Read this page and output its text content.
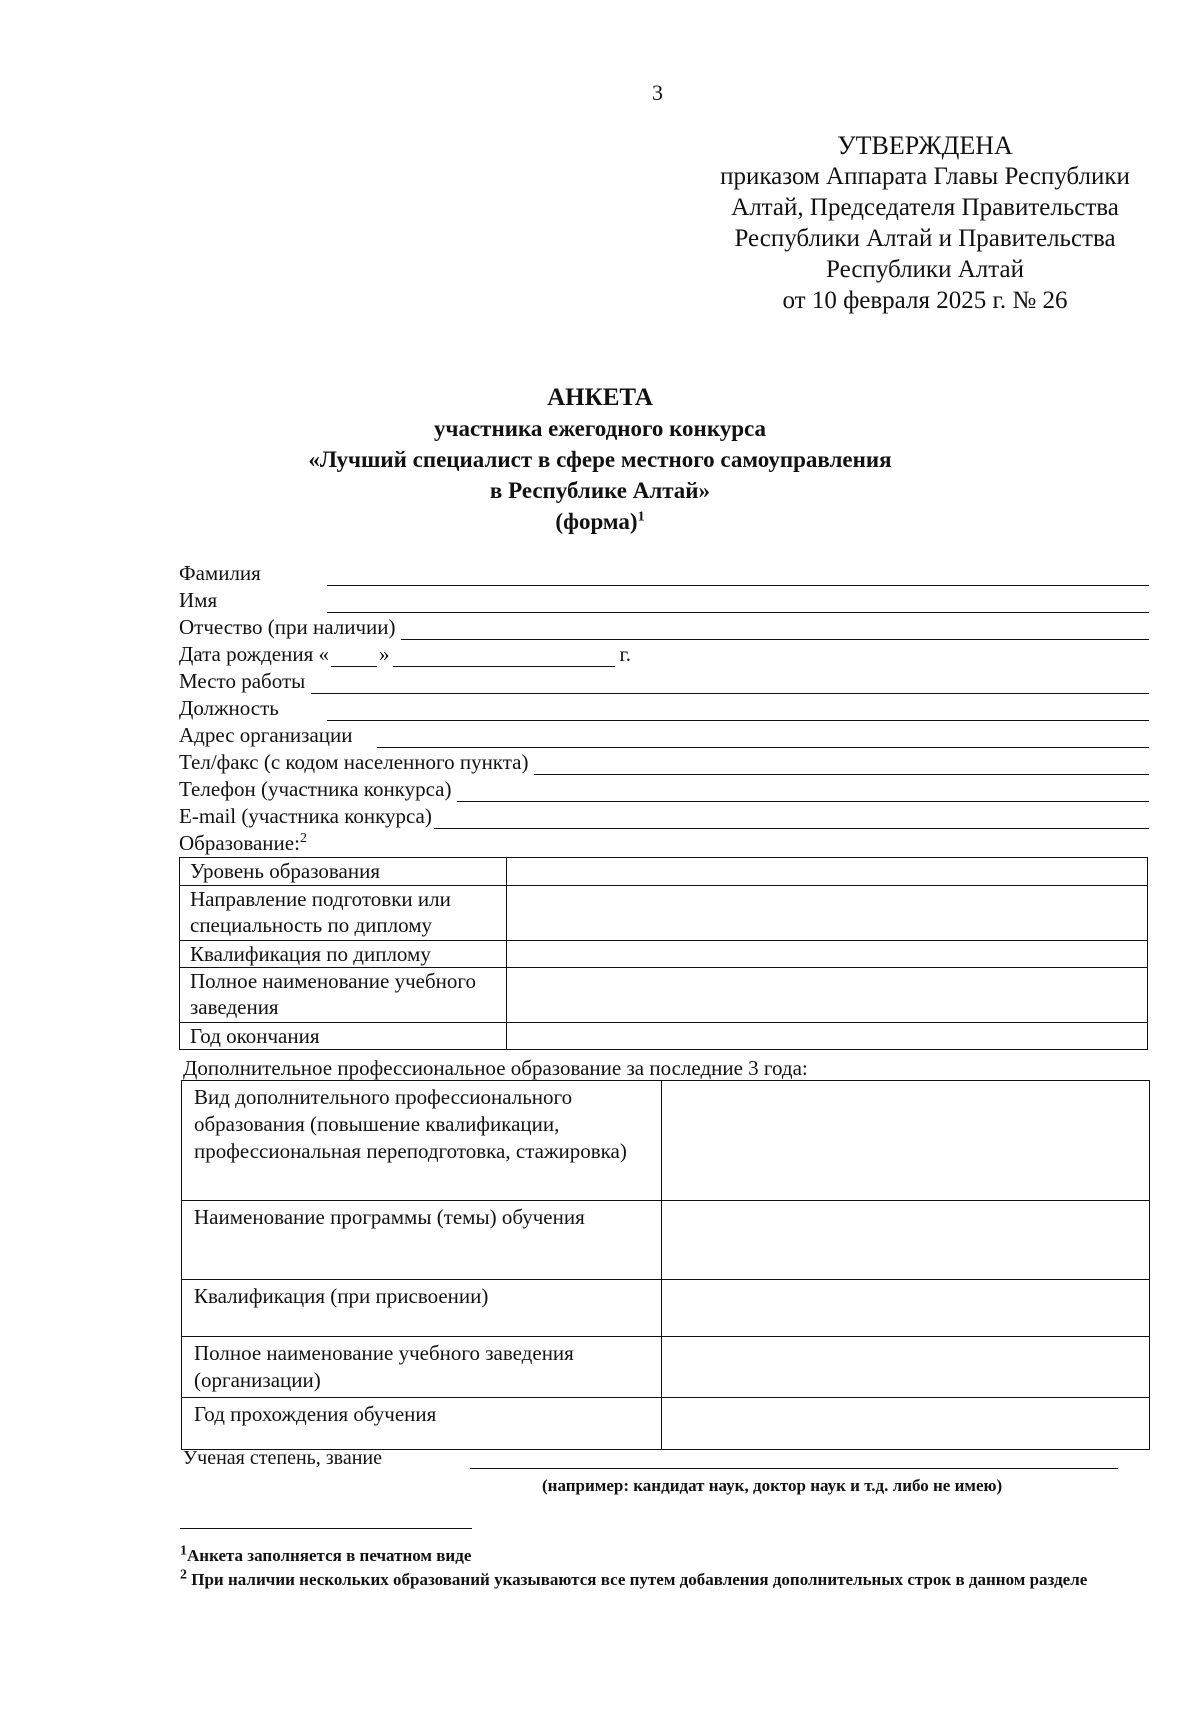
3
УТВЕРЖДЕНА
приказом Аппарата Главы Республики
Алтай, Председателя Правительства
Республики Алтай и Правительства
Республики Алтай
от 10 февраля 2025 г. № 26
АНКЕТА
участника ежегодного конкурса
«Лучший специалист в сфере местного самоуправления
в Республике Алтай»
(форма)$^1$
Фамилия
Имя
Отчество (при наличии)
Дата рождения « »	г.
Место работы
Должность
Адрес организации
Тел/факс (с кодом населенного пункта)
Телефон (участника конкурса)
E-mail (участника конкурса)
Образование:$^2$
Уровень образования	
Направление подготовки или специальность по диплому	
Квалификация по диплому	
Полное наименование учебного заведения	
Год окончания	
Дополнительное профессиональное образование за последние 3 года:
Вид дополнительного профессионального образования (повышение квалификации, профессиональная переподготовка, стажировка)	
Наименование программы (темы) обучения	
Квалификация (при присвоении)	
Полное наименование учебного заведения (организации)	
Год прохождения обучения	
Ученая степень, звание
(например: кандидат наук, доктор наук и т.д. либо не имею)
$^1$Анкета заполняется в печатном виде
$^2$ При наличии нескольких образований указываются все путем добавления дополнительных строк в данном разделе
